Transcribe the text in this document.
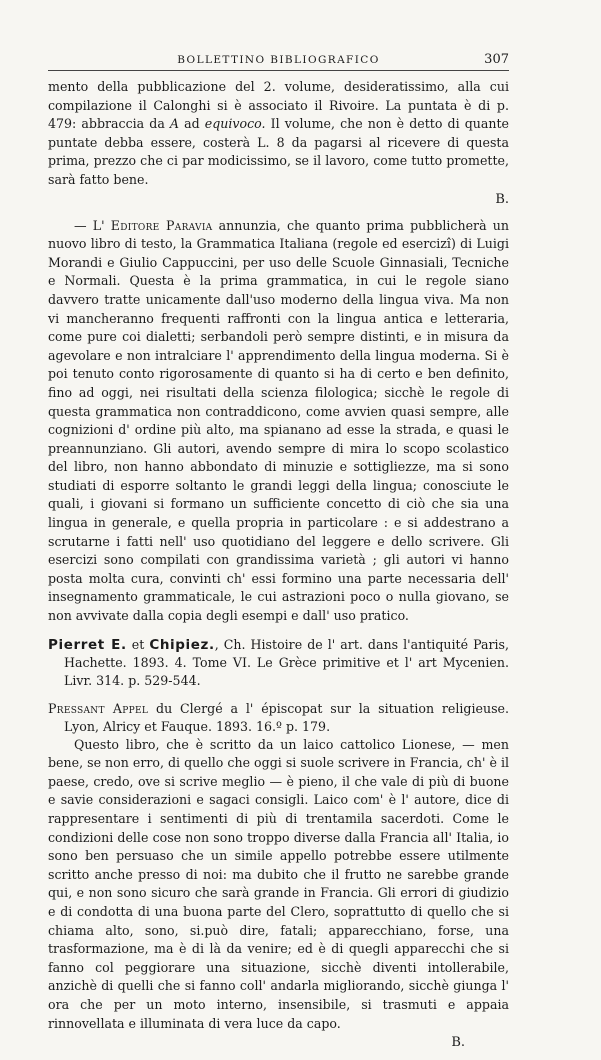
BOLLETTINO BIBLIOGRAFICO	307

mento della pubblicazione del 2. volume, desideratissimo, alla cui compilazione il Calonghi si è associato il Rivoire. La puntata è di p. 479: abbraccia da A ad equivoco. Il volume, che non è detto di quante puntate debba essere, costerà L. 8 da pagarsi al ricevere di questa prima, prezzo che ci par modicissimo, se il lavoro, come tutto promette, sarà fatto bene.

B.

— L' Editore Paravia annunzia, che quanto prima pubblicherà un nuovo libro di testo, la Grammatica Italiana (regole ed esercizî) di Luigi Morandi e Giulio Cappuccini, per uso delle Scuole Ginnasiali, Tecniche e Normali. Questa è la prima grammatica, in cui le regole siano davvero tratte unicamente dall'uso moderno della lingua viva. Ma non vi mancheranno frequenti raffronti con la lingua antica e letteraria, come pure coi dialetti; serbandoli però sempre distinti, e in misura da agevolare e non intralciare l' apprendimento della lingua moderna. Si è poi tenuto conto rigorosamente di quanto si ha di certo e ben definito, fino ad oggi, nei risultati della scienza filologica; sicchè le regole di questa grammatica non contraddicono, come avvien quasi sempre, alle cognizioni d' ordine più alto, ma spianano ad esse la strada, e quasi le preannunziano. Gli autori, avendo sempre di mira lo scopo scolastico del libro, non hanno abbondato di minuzie e sottigliezze, ma si sono studiati di esporre soltanto le grandi leggi della lingua; conosciute le quali, i giovani si formano un sufficiente concetto di ciò che sia una lingua in generale, e quella propria in particolare : e si addestrano a scrutarne i fatti nell' uso quotidiano del leggere e dello scrivere. Gli esercizi sono compilati con grandissima varietà ; gli autori vi hanno posta molta cura, convinti ch' essi formino una parte necessaria dell' insegnamento grammaticale, le cui astrazioni poco o nulla giovano, se non avvivate dalla copia degli esempi e dall' uso pratico.

Pierret E. et Chipiez., Ch. Histoire de l' art. dans l'antiquité Paris, Hachette. 1893. 4. Tome VI. Le Grèce primitive et l' art Mycenien. Livr. 314. p. 529-544.
Pressant Appel du Clergé a l' épiscopat sur la situation religieuse. Lyon, Alricy et Fauque. 1893. 16.º p. 179.

Questo libro, che è scritto da un laico cattolico Lionese, — men bene, se non erro, di quello che oggi si suole scrivere in Francia, ch' è il paese, credo, ove si scrive meglio — è pieno, il che vale di più di buone e savie considerazioni e sagaci consigli. Laico com' è l' autore, dice di rappresentare i sentimenti di più di trentamila sacerdoti. Come le condizioni delle cose non sono troppo diverse dalla Francia all' Italia, io sono ben persuaso che un simile appello potrebbe essere utilmente scritto anche presso di noi: ma dubito che il frutto ne sarebbe grande qui, e non sono sicuro che sarà grande in Francia. Gli errori di giudizio e di condotta di una buona parte del Clero, soprattutto di quello che si chiama alto, sono, si.può dire, fatali; apparecchiano, forse, una trasformazione, ma è di là da venire; ed è di quegli apparecchi che si fanno col peggiorare una situazione, sicchè diventi intollerabile, anzichè di quelli che si fanno coll' andarla migliorando, sicchè giunga l' ora che per un moto interno, insensibile, si trasmuti e appaia rinnovellata e illuminata di vera luce da capo.

B.
